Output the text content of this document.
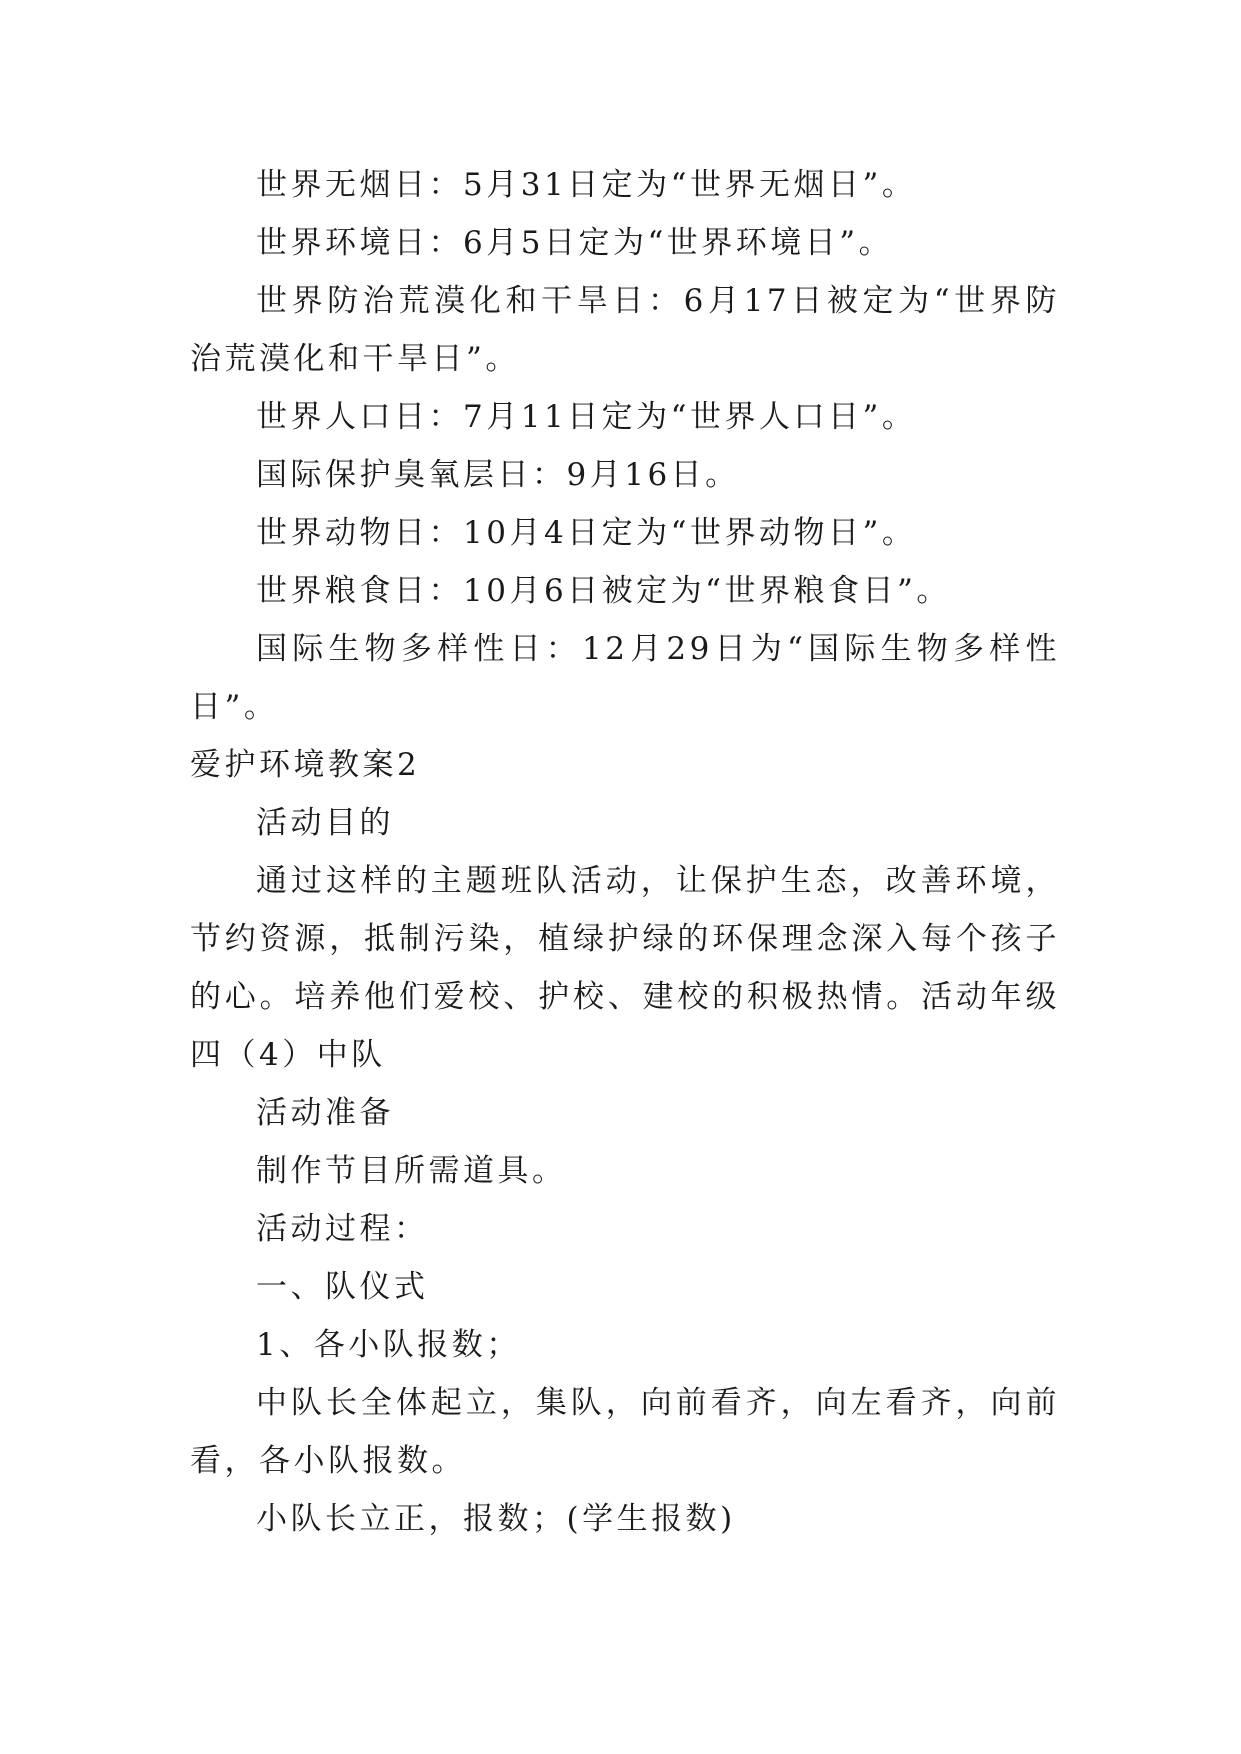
世界无烟日：5月31日定为“世界无烟日”。

世界环境日：6月5日定为“世界环境日”。

世界防治荒漠化和干旱日：6月17日被定为“世界防治荒漠化和干旱日”。

世界人口日：7月11日定为“世界人口日”。

国际保护臭氧层日：9月16日。

世界动物日：10月4日定为“世界动物日”。

世界粮食日：10月6日被定为“世界粮食日”。

国际生物多样性日：12月29日为“国际生物多样性日”。

爱护环境教案2

活动目的

通过这样的主题班队活动，让保护生态，改善环境，节约资源，抵制污染，植绿护绿的环保理念深入每个孩子的心。培养他们爱校、护校、建校的积极热情。活动年级四（4）中队

活动准备

制作节目所需道具。

活动过程：

一、队仪式

1、各小队报数；

中队长全体起立，集队，向前看齐，向左看齐，向前看，各小队报数。

小队长立正，报数；(学生报数)
